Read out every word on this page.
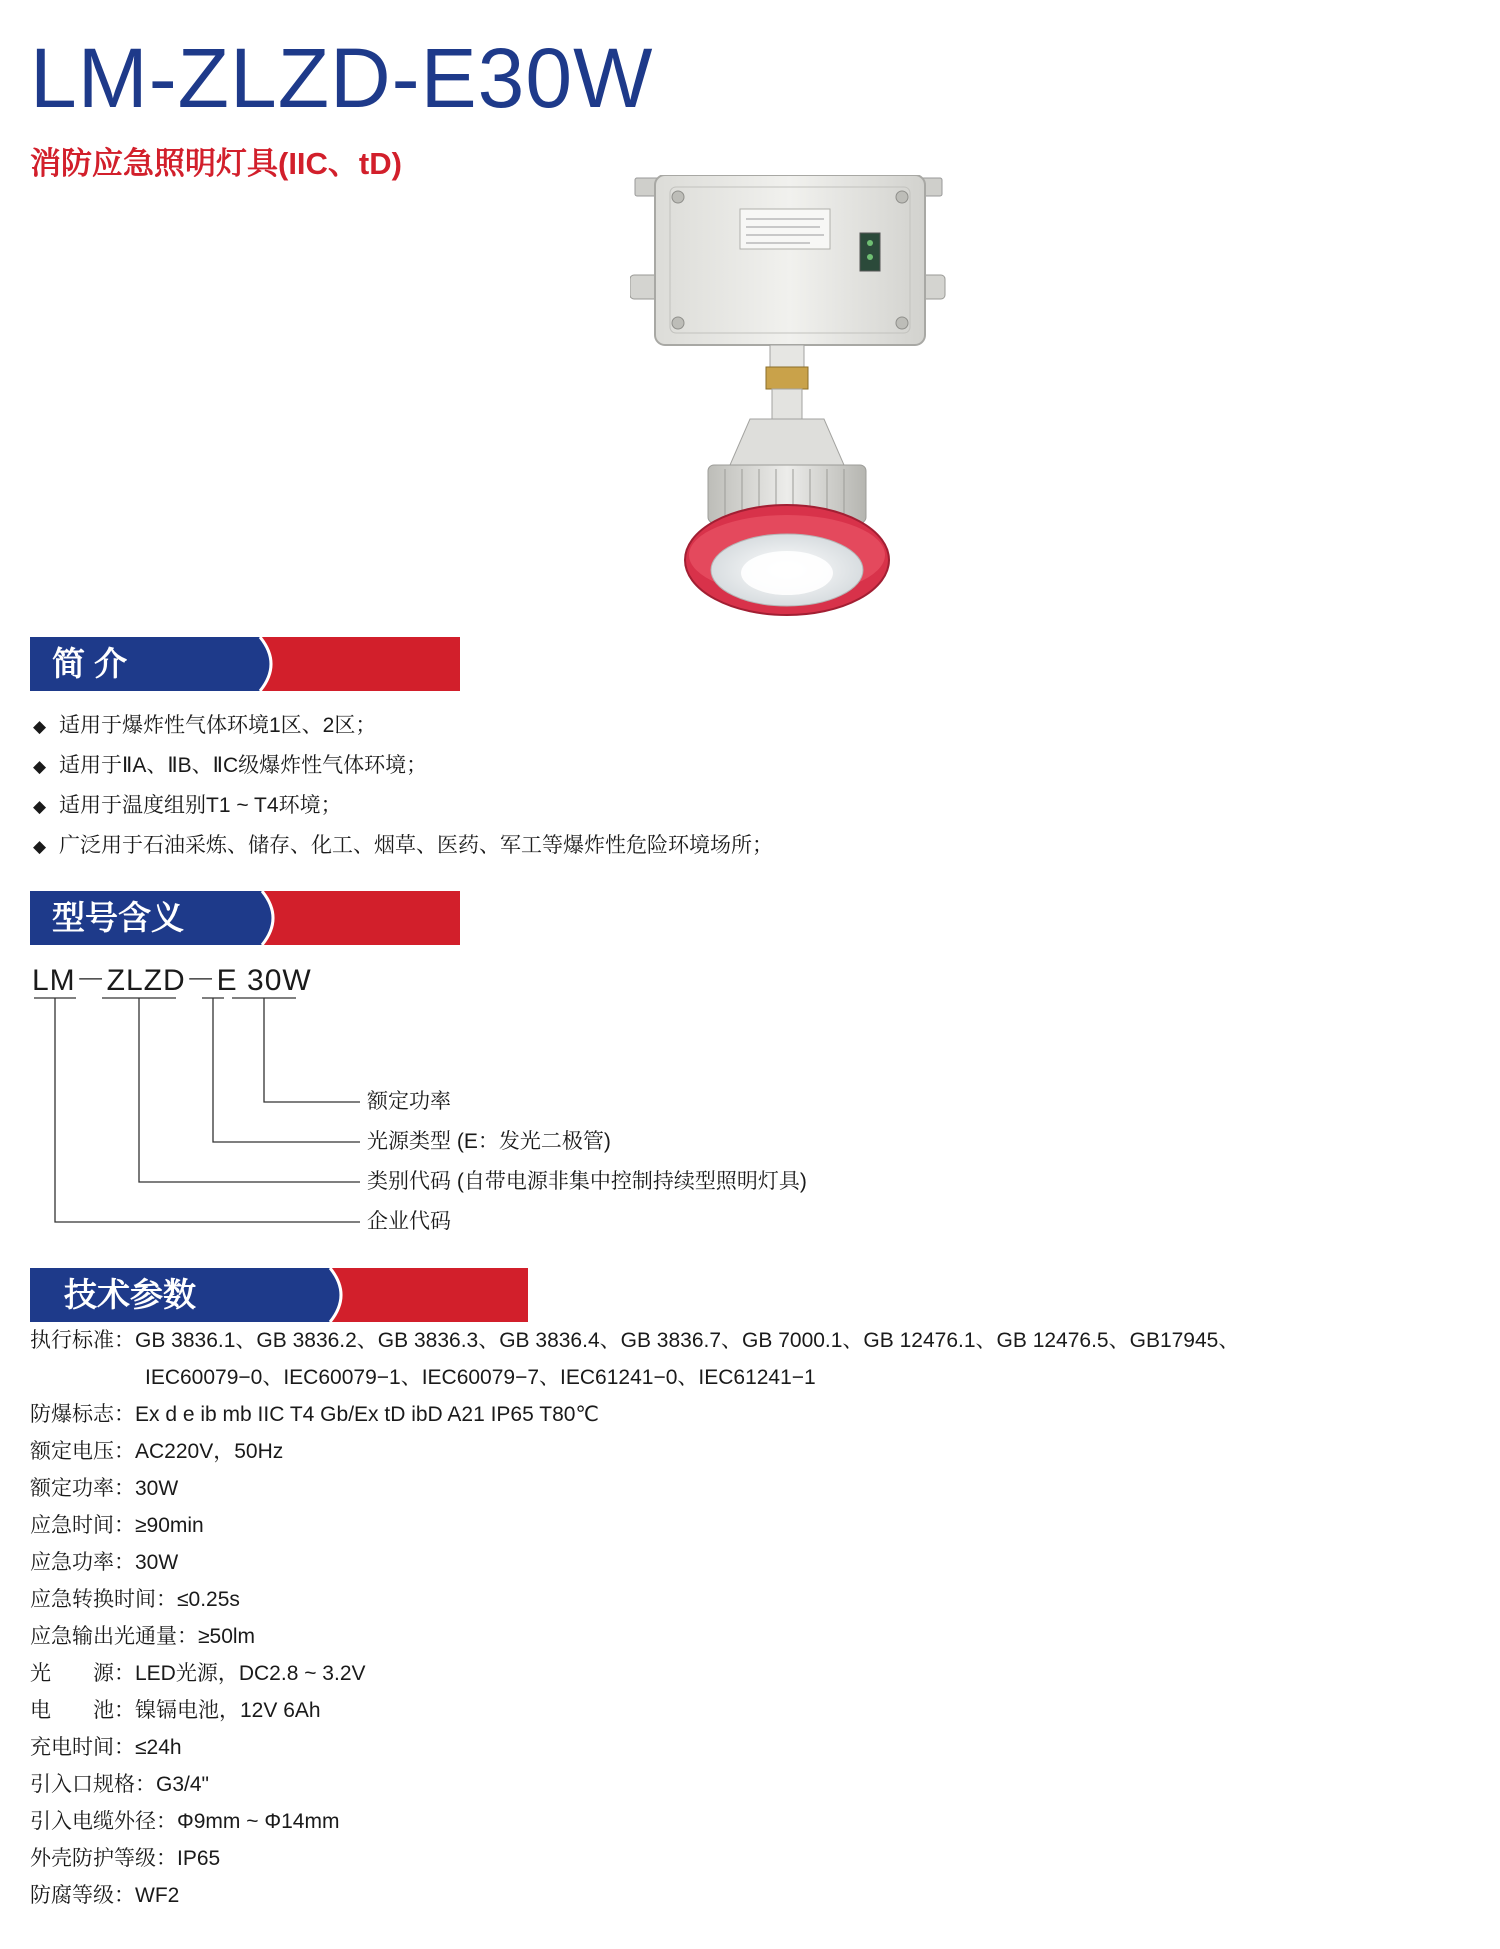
LM-ZLZD-E30W
消防应急照明灯具(IIC、tD)
简 介
◆ 适用于爆炸性气体环境1区、2区；
◆ 适用于ⅡA、ⅡB、ⅡC级爆炸性气体环境；
◆ 适用于温度组别T1 ~ T4环境；
◆ 广泛用于石油采炼、储存、化工、烟草、医药、军工等爆炸性危险环境场所；
型号含义
LM－ZLZD－E 30W
额定功率
光源类型 (E：发光二极管)
类别代码 (自带电源非集中控制持续型照明灯具)
企业代码
技术参数
执行标准：GB 3836.1、GB 3836.2、GB 3836.3、GB 3836.4、GB 3836.7、GB 7000.1、GB 12476.1、GB 12476.5、GB17945、
IEC60079−0、IEC60079−1、IEC60079−7、IEC61241−0、IEC61241−1
防爆标志：Ex d e ib mb IIC T4 Gb/Ex tD ibD A21 IP65 T80℃
额定电压：AC220V，50Hz
额定功率：30W
应急时间：≥90min
应急功率：30W
应急转换时间：≤0.25s
应急输出光通量：≥50lm
光　　源：LED光源，DC2.8 ~ 3.2V
电　　池：镍镉电池，12V 6Ah
充电时间：≤24h
引入口规格：G3/4"
引入电缆外径：Φ9mm ~ Φ14mm
外壳防护等级：IP65
防腐等级：WF2
